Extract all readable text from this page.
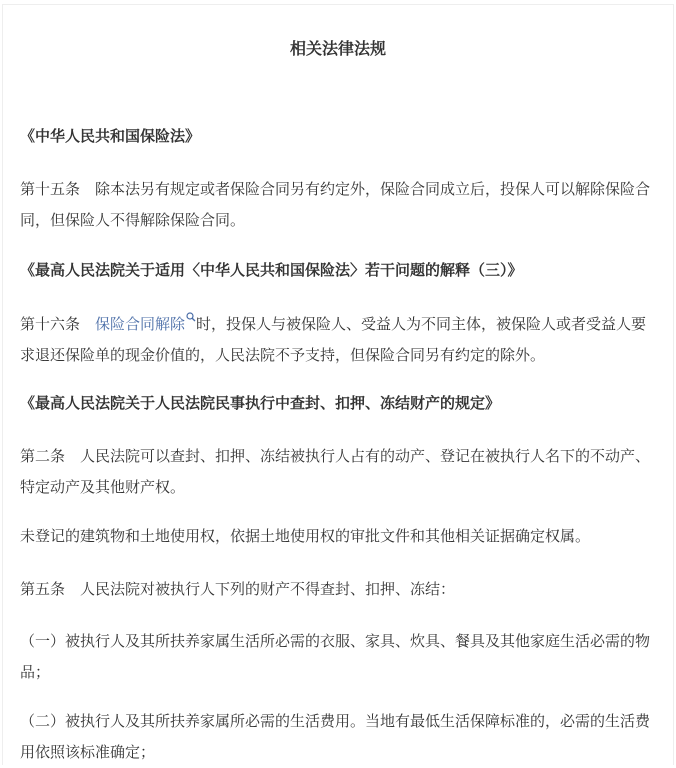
相关法律法规
《中华人民共和国保险法》
第十五条　除本法另有规定或者保险合同另有约定外，保险合同成立后，投保人可以解除保险合同，但保险人不得解除保险合同。
《最高人民法院关于适用〈中华人民共和国保险法〉若干问题的解释（三）》
第十六条　保险合同解除 时，投保人与被保险人、受益人为不同主体，被保险人或者受益人要求退还保险单的现金价值的，人民法院不予支持，但保险合同另有约定的除外。
《最高人民法院关于人民法院民事执行中查封、扣押、冻结财产的规定》
第二条　人民法院可以查封、扣押、冻结被执行人占有的动产、登记在被执行人名下的不动产、特定动产及其他财产权。
未登记的建筑物和土地使用权，依据土地使用权的审批文件和其他相关证据确定权属。
第五条　人民法院对被执行人下列的财产不得查封、扣押、冻结：
（一）被执行人及其所扶养家属生活所必需的衣服、家具、炊具、餐具及其他家庭生活必需的物品；
（二）被执行人及其所扶养家属所必需的生活费用。当地有最低生活保障标准的，必需的生活费用依照该标准确定；
